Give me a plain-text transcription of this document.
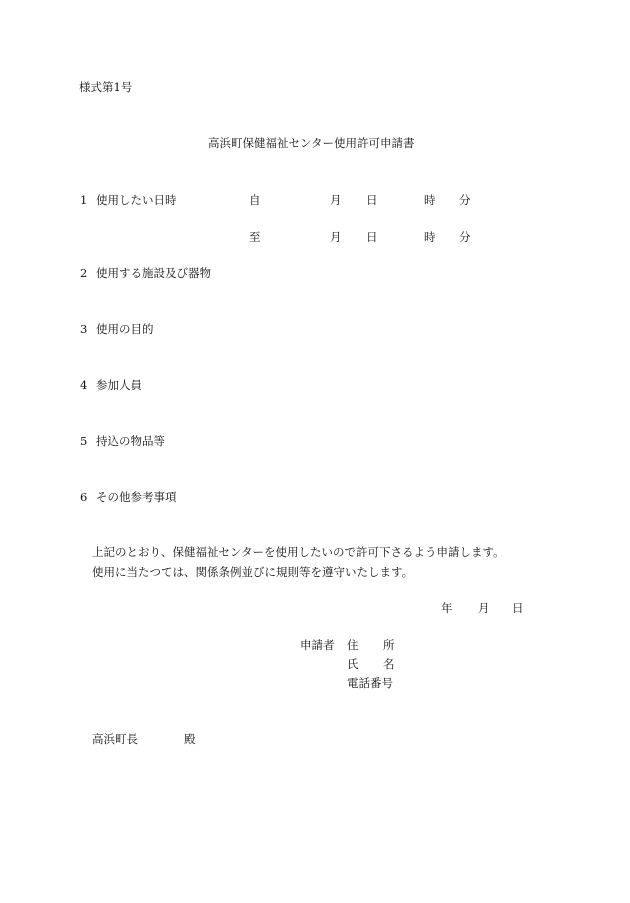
様式第1号
高浜町保健福祉センター使用許可申請書
1 使用したい日時	自	月 日	時 分
至	月 日	時 分
2 使用する施設及び器物
3 使用の目的
4 参加人員
5 持込の物品等
6 その他参考事項
上記のとおり、保健福祉センターを使用したいので許可下さるよう申請します。
使用に当たつては、関係条例並びに規則等を遵守いたします。
年 月 日
申請者 住 所
氏 名
電話番号
高浜町長	殿
